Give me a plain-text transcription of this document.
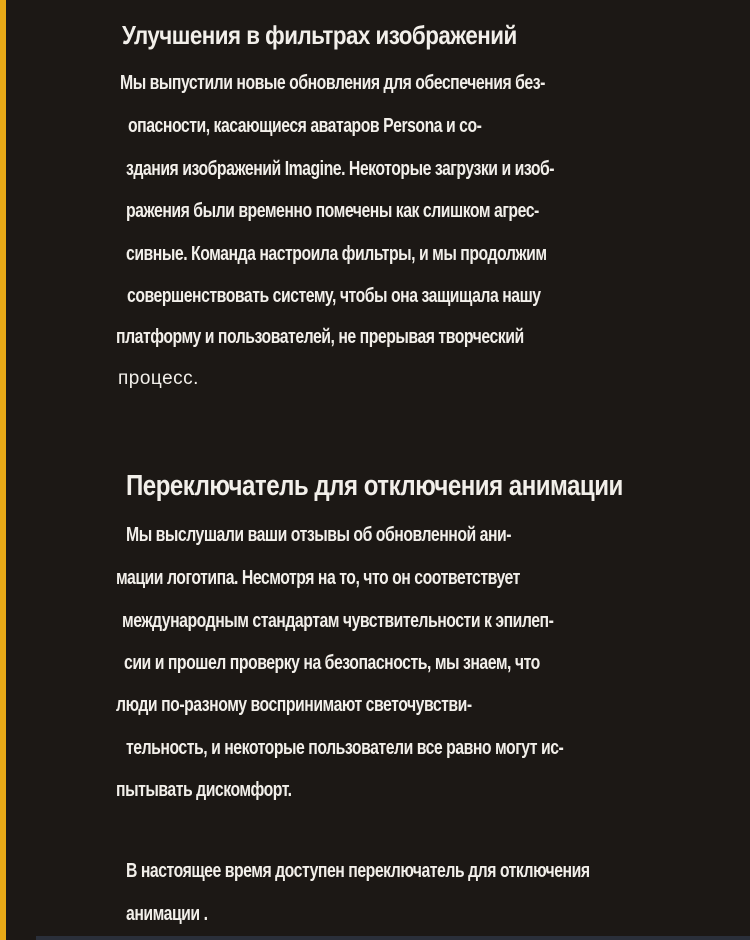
Улучшения в фильтрах изображений
Мы выпустили новые обновления для обеспечения без-
опасности, касающиеся аватаров Persona и со-
здания изображений Imagine. Некоторые загрузки и изоб-
ражения были временно помечены как слишком агрес-
сивные. Команда настроила фильтры, и мы продолжим
совершенствовать систему, чтобы она защищала нашу
платформу и пользователей, не прерывая творческий
процесс.
Переключатель для отключения анимации
Мы выслушали ваши отзывы об обновленной ани-
мации логотипа. Несмотря на то, что он соответствует
международным стандартам чувствительности к эпилеп-
сии и прошел проверку на безопасность, мы знаем, что
люди по-разному воспринимают светочувстви-
тельность, и некоторые пользователи все равно могут ис-
пытывать дискомфорт.
В настоящее время доступен переключатель для отключения
анимации .
